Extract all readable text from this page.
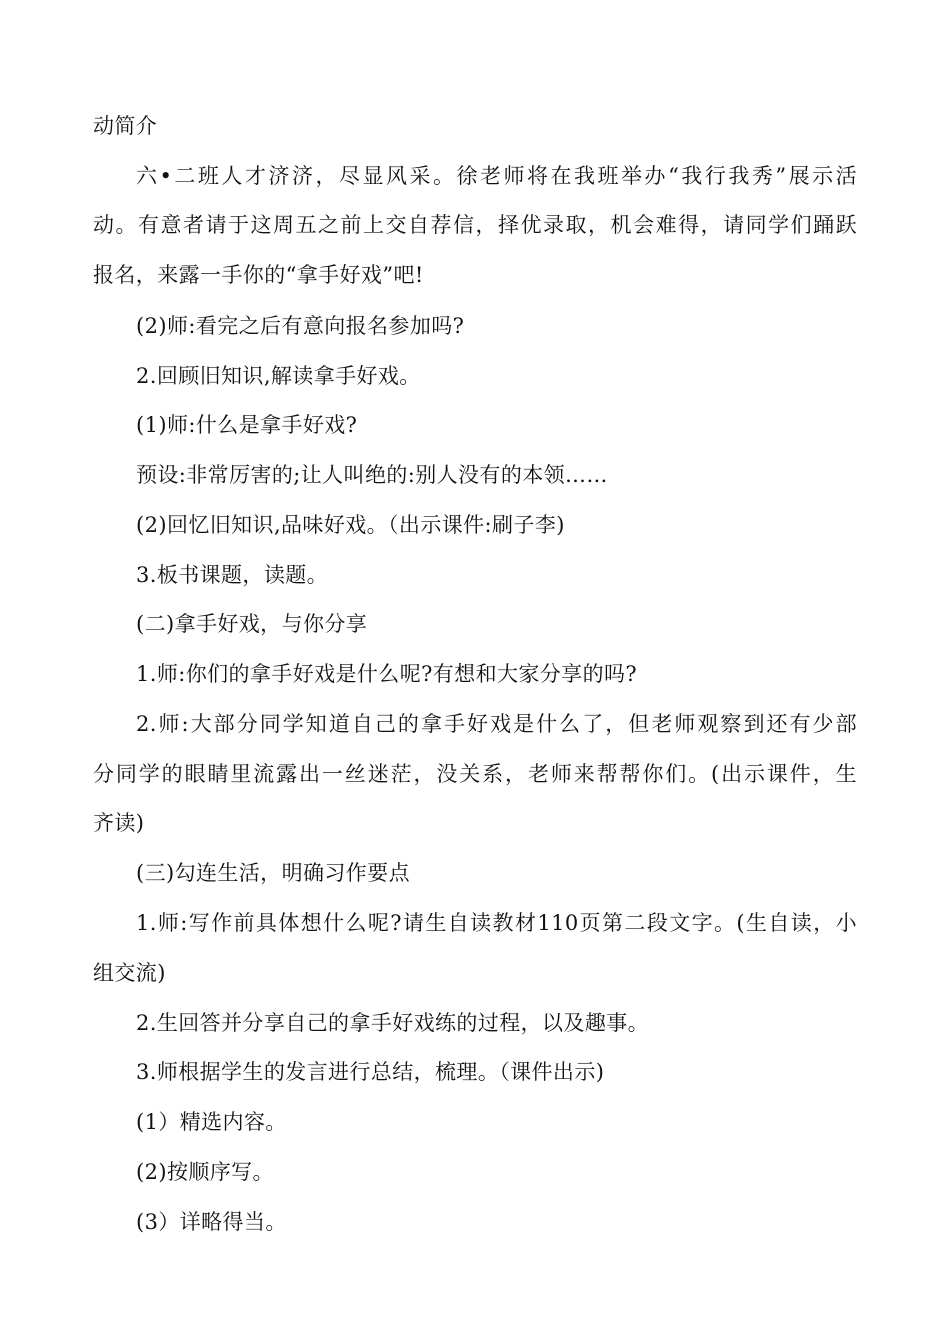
动简介
六•二班人才济济，尽显风采。徐老师将在我班举办“我行我秀”展示活
动。有意者请于这周五之前上交自荐信，择优录取，机会难得，请同学们踊跃
报名，来露一手你的“拿手好戏”吧!
(2)师:看完之后有意向报名参加吗?
2.回顾旧知识,解读拿手好戏。
(1)师:什么是拿手好戏?
预设:非常厉害的;让人叫绝的:别人没有的本领……
(2)回忆旧知识,品味好戏。（出示课件:刷子李)
3.板书课题，读题。
(二)拿手好戏，与你分享
1.师:你们的拿手好戏是什么呢?有想和大家分享的吗?
2.师:大部分同学知道自己的拿手好戏是什么了，但老师观察到还有少部
分同学的眼睛里流露出一丝迷茫，没关系，老师来帮帮你们。(出示课件，生
齐读)
(三)勾连生活，明确习作要点
1.师:写作前具体想什么呢?请生自读教材110页第二段文字。(生自读，小
组交流)
2.生回答并分享自己的拿手好戏练的过程，以及趣事。
3.师根据学生的发言进行总结，梳理。（课件出示)
(1）精选内容。
(2)按顺序写。
(3）详略得当。
